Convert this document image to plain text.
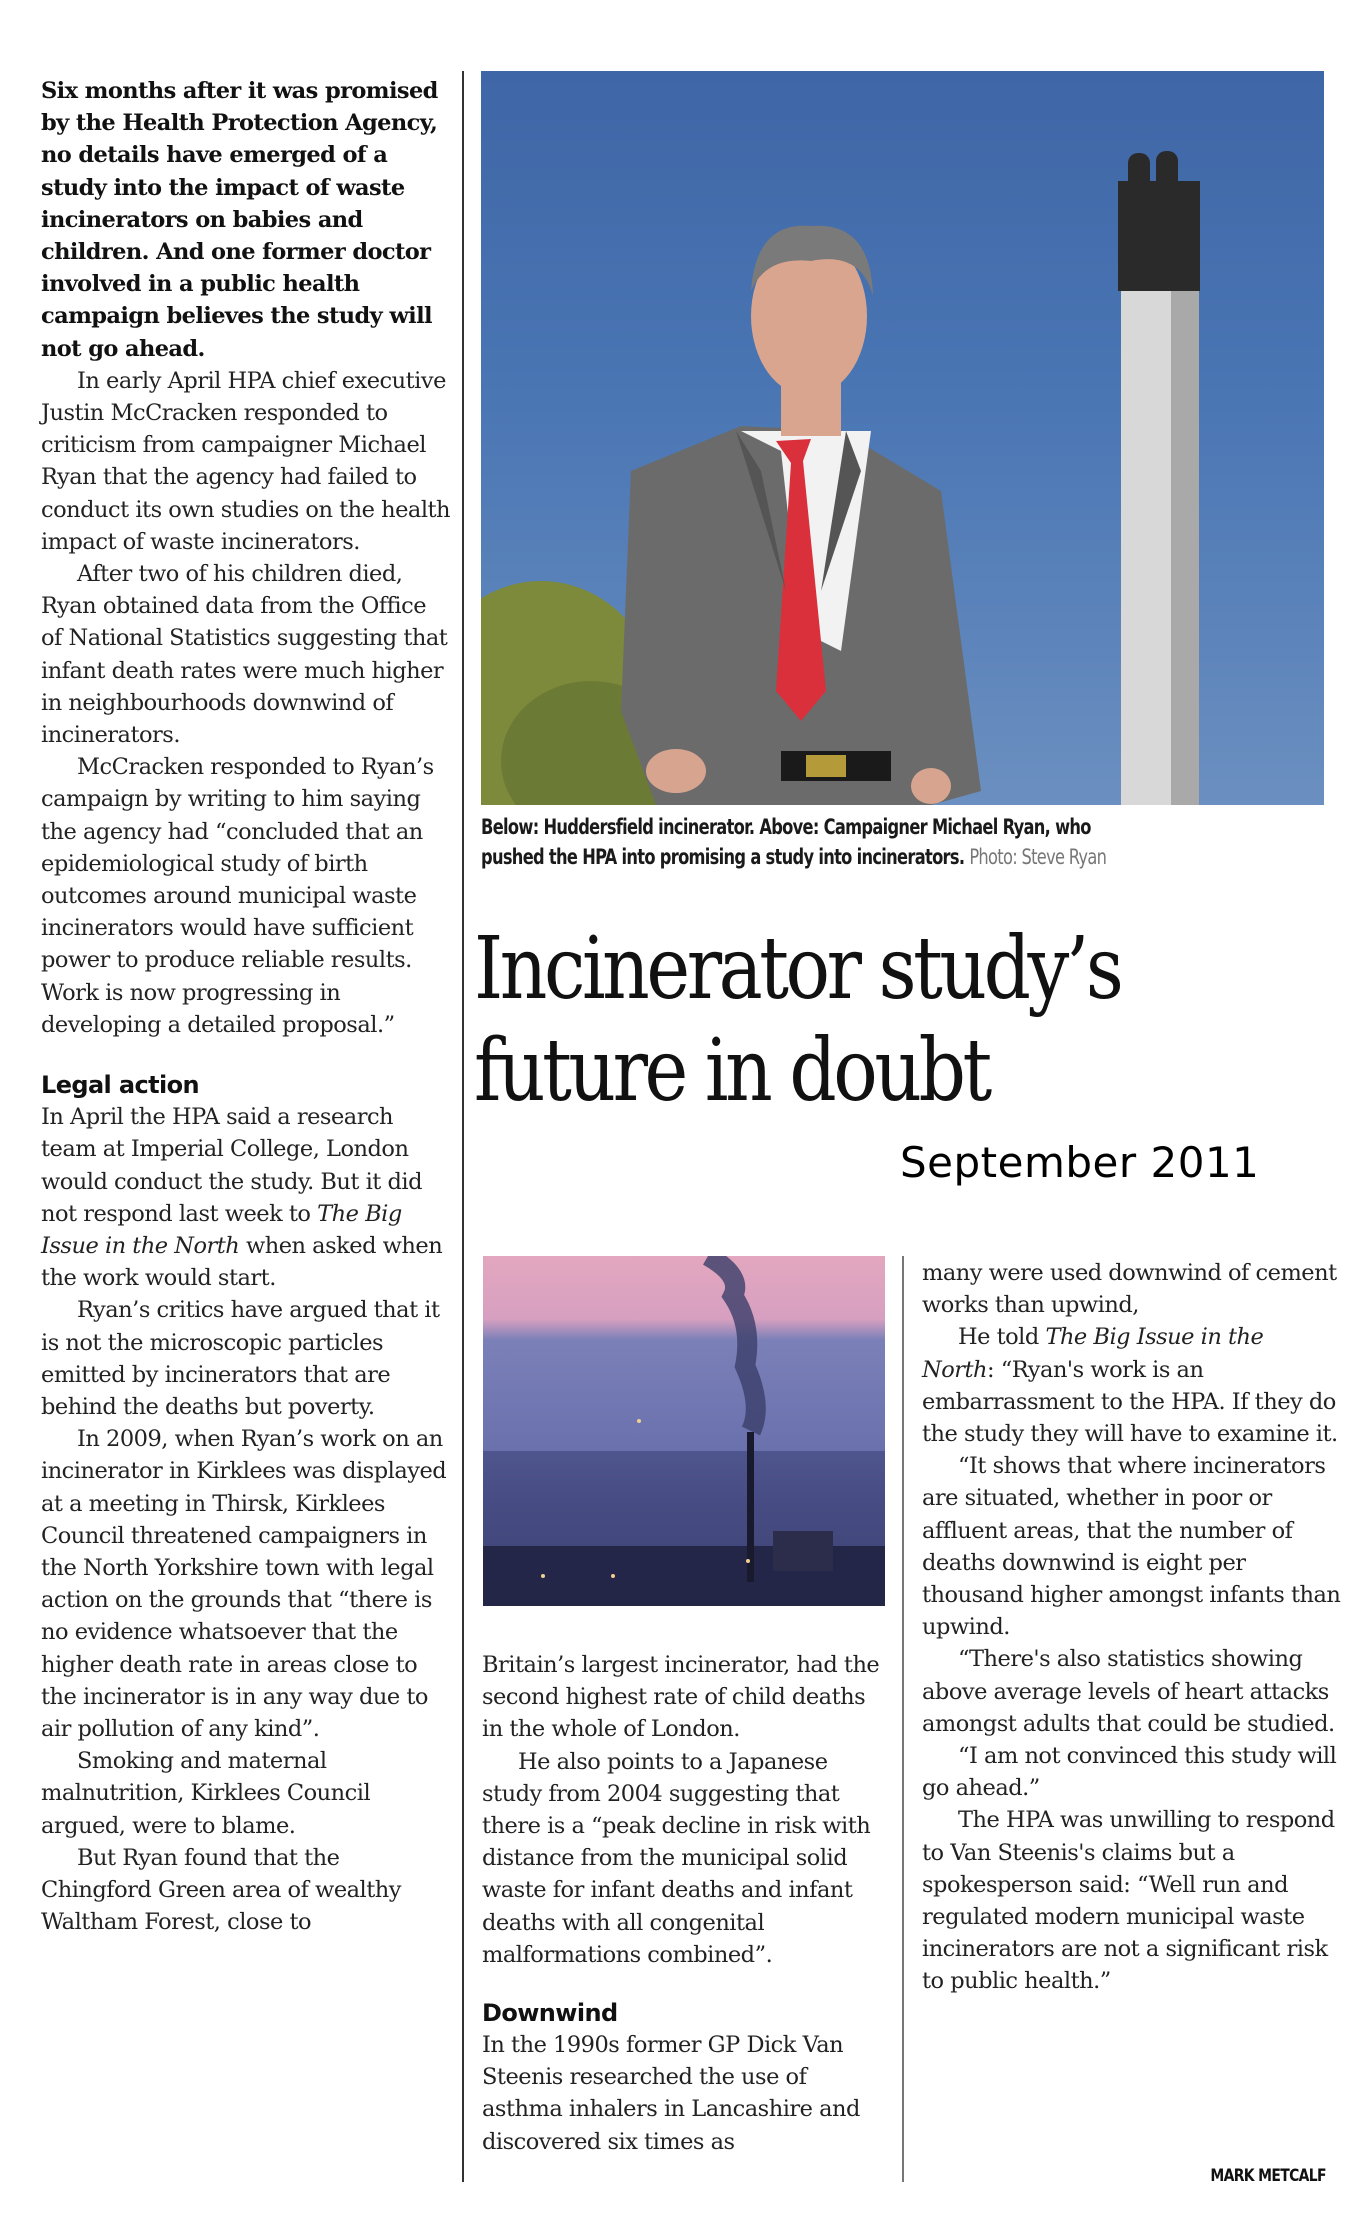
Six months after it was promised by the Health Protection Agency, no details have emerged of a study into the impact of waste incinerators on babies and children. And one former doctor involved in a public health campaign believes the study will not go ahead.

In early April HPA chief executive Justin McCracken responded to criticism from campaigner Michael Ryan that the agency had failed to conduct its own studies on the health impact of waste incinerators.

After two of his children died, Ryan obtained data from the Office of National Statistics suggesting that infant death rates were much higher in neighbourhoods downwind of incinerators.

McCracken responded to Ryan’s campaign by writing to him saying the agency had “concluded that an epidemiological study of birth outcomes around municipal waste incinerators would have sufficient power to produce reliable results. Work is now progressing in developing a detailed proposal.”

Legal action

In April the HPA said a research team at Imperial College, London would conduct the study. But it did not respond last week to The Big Issue in the North when asked when the work would start.

Ryan’s critics have argued that it is not the microscopic particles emitted by incinerators that are behind the deaths but poverty.

In 2009, when Ryan’s work on an incinerator in Kirklees was displayed at a meeting in Thirsk, Kirklees Council threatened campaigners in the North Yorkshire town with legal action on the grounds that “there is no evidence whatsoever that the higher death rate in areas close to the incinerator is in any way due to air pollution of any kind”.

Smoking and maternal malnutrition, Kirklees Council argued, were to blame.

But Ryan found that the Chingford Green area of wealthy Waltham Forest, close to

Below: Huddersfield incinerator. Above: Campaigner Michael Ryan, who
pushed the HPA into promising a study into incinerators. Photo: Steve Ryan
Incinerator study’s
future in doubt
September 2011

Britain’s largest incinerator, had the second highest rate of child deaths in the whole of London.

He also points to a Japanese study from 2004 suggesting that there is a “peak decline in risk with distance from the municipal solid waste for infant deaths and infant deaths with all congenital malformations combined”.

Downwind

In the 1990s former GP Dick Van Steenis researched the use of asthma inhalers in Lancashire and discovered six times as

many were used downwind of cement works than upwind,

He told The Big Issue in the North: “Ryan's work is an embarrassment to the HPA. If they do the study they will have to examine it.

“It shows that where incinerators are situated, whether in poor or affluent areas, that the number of deaths downwind is eight per thousand higher amongst infants than upwind.

“There's also statistics showing above average levels of heart attacks amongst adults that could be studied.

“I am not convinced this study will go ahead.”

The HPA was unwilling to respond to Van Steenis's claims but a spokesperson said: “Well run and regulated modern municipal waste incinerators are not a significant risk to public health.”

MARK METCALF
